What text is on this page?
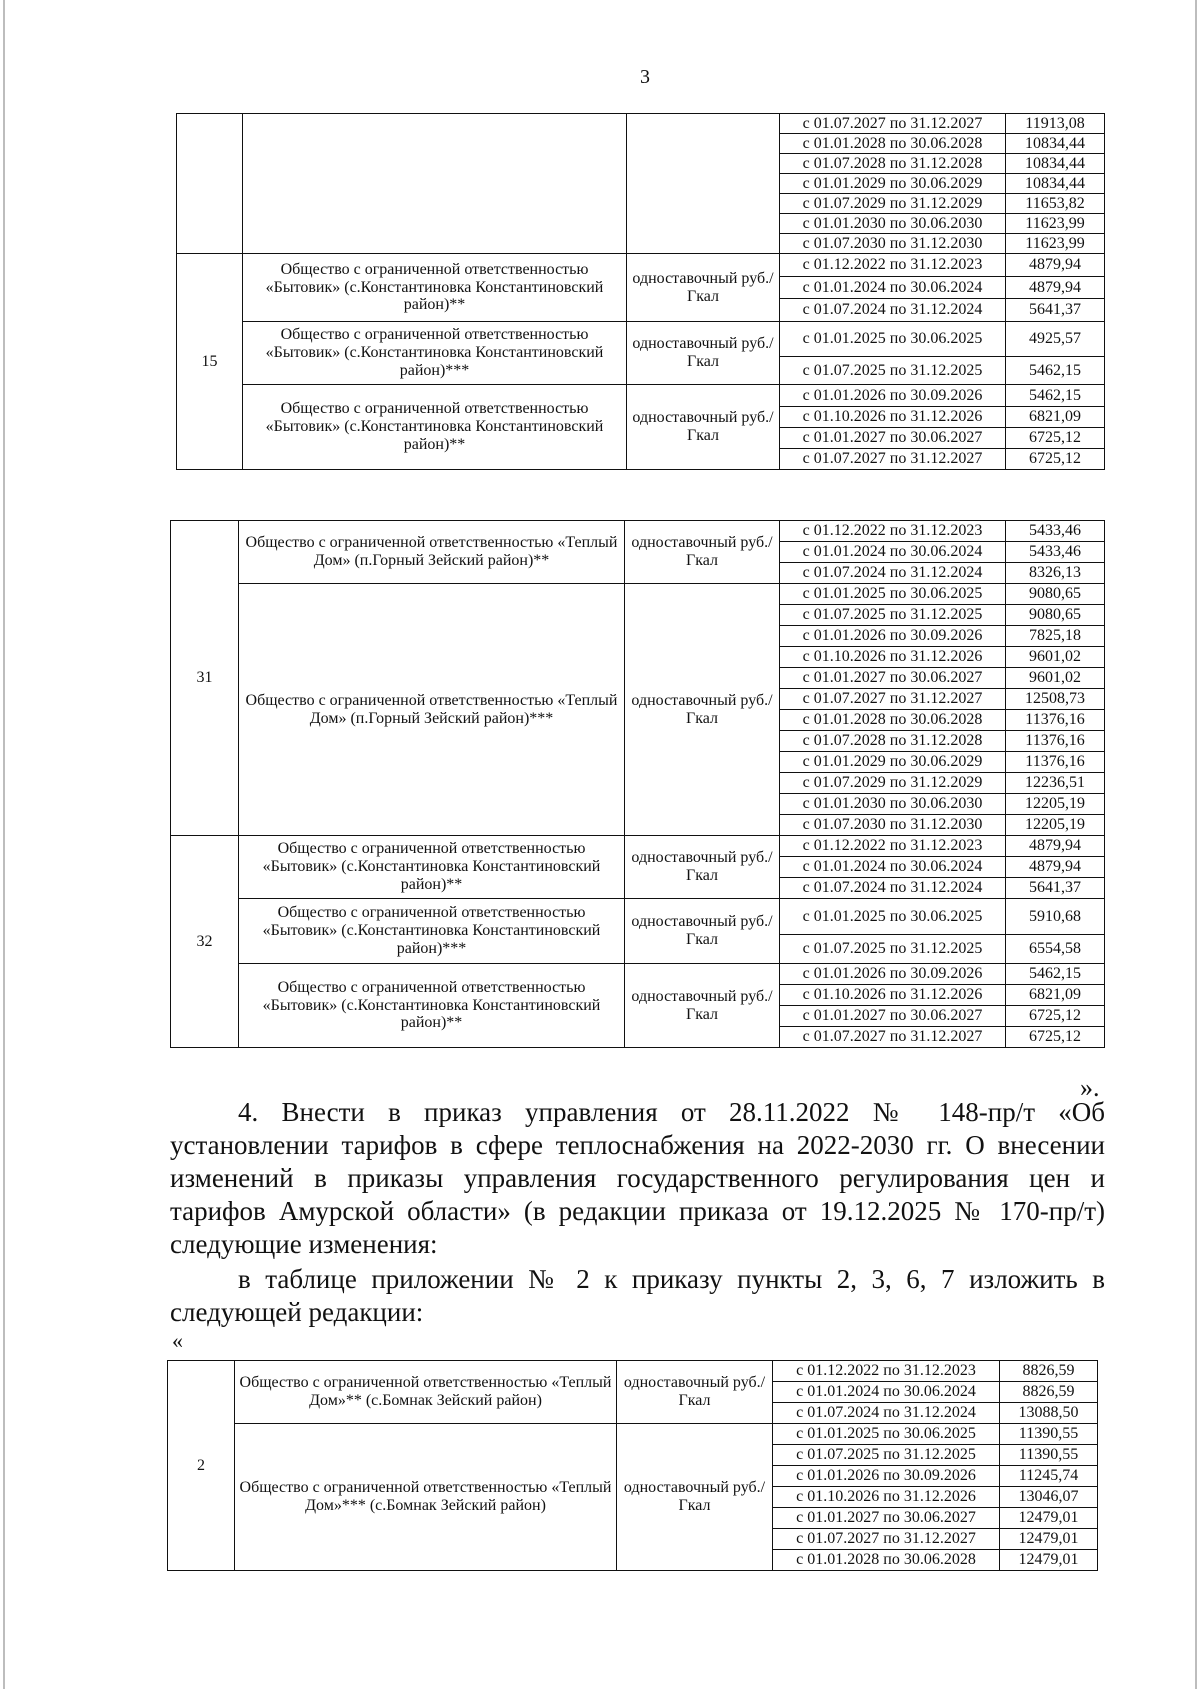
3
			с 01.07.2027 по 31.12.2027	11913,08
			с 01.01.2028 по 30.06.2028	10834,44
			с 01.07.2028 по 31.12.2028	10834,44
			с 01.01.2029 по 30.06.2029	10834,44
			с 01.07.2029 по 31.12.2029	11653,82
			с 01.01.2030 по 30.06.2030	11623,99
			с 01.07.2030 по 31.12.2030	11623,99
15	Общество с ограниченной ответственностью «Бытовик» (с.Константиновка Константиновский район)**	одноставочный руб./Гкал	с 01.12.2022 по 31.12.2023	4879,94
			с 01.01.2024 по 30.06.2024	4879,94
			с 01.07.2024 по 31.12.2024	5641,37
	Общество с ограниченной ответственностью «Бытовик» (с.Константиновка Константиновский район)***	одноставочный руб./Гкал	с 01.01.2025 по 30.06.2025	4925,57
			с 01.07.2025 по 31.12.2025	5462,15
	Общество с ограниченной ответственностью «Бытовик» (с.Константиновка Константиновский район)**	одноставочный руб./Гкал	с 01.01.2026 по 30.09.2026	5462,15
			с 01.10.2026 по 31.12.2026	6821,09
			с 01.01.2027 по 30.06.2027	6725,12
			с 01.07.2027 по 31.12.2027	6725,12
31	Общество с ограниченной ответственностью «Теплый Дом» (п.Горный Зейский район)**	одноставочный руб./Гкал	с 01.12.2022 по 31.12.2023	5433,46
			с 01.01.2024 по 30.06.2024	5433,46
			с 01.07.2024 по 31.12.2024	8326,13
	Общество с ограниченной ответственностью «Теплый Дом» (п.Горный Зейский район)***	одноставочный руб./Гкал	с 01.01.2025 по 30.06.2025	9080,65
			с 01.07.2025 по 31.12.2025	9080,65
			с 01.01.2026 по 30.09.2026	7825,18
			с 01.10.2026 по 31.12.2026	9601,02
			с 01.01.2027 по 30.06.2027	9601,02
			с 01.07.2027 по 31.12.2027	12508,73
			с 01.01.2028 по 30.06.2028	11376,16
			с 01.07.2028 по 31.12.2028	11376,16
			с 01.01.2029 по 30.06.2029	11376,16
			с 01.07.2029 по 31.12.2029	12236,51
			с 01.01.2030 по 30.06.2030	12205,19
			с 01.07.2030 по 31.12.2030	12205,19
32	Общество с ограниченной ответственностью «Бытовик» (с.Константиновка Константиновский район)**	одноставочный руб./Гкал	с 01.12.2022 по 31.12.2023	4879,94
			с 01.01.2024 по 30.06.2024	4879,94
			с 01.07.2024 по 31.12.2024	5641,37
	Общество с ограниченной ответственностью «Бытовик» (с.Константиновка Константиновский район)***	одноставочный руб./Гкал	с 01.01.2025 по 30.06.2025	5910,68
			с 01.07.2025 по 31.12.2025	6554,58
	Общество с ограниченной ответственностью «Бытовик» (с.Константиновка Константиновский район)**	одноставочный руб./Гкал	с 01.01.2026 по 30.09.2026	5462,15
			с 01.10.2026 по 31.12.2026	6821,09
			с 01.01.2027 по 30.06.2027	6725,12
			с 01.07.2027 по 31.12.2027	6725,12
».
4. Внести в приказ управления от 28.11.2022 № 148-пр/т «Об установлении тарифов в сфере теплоснабжения на 2022-2030 гг. О внесении изменений в приказы управления государственного регулирования цен и тарифов Амурской области» (в редакции приказа от 19.12.2025 № 170-пр/т) следующие изменения:
в таблице приложении № 2 к приказу пункты 2, 3, 6, 7 изложить в следующей редакции:
«
2	Общество с ограниченной ответственностью «Теплый Дом»** (с.Бомнак Зейский район)	одноставочный руб./Гкал	с 01.12.2022 по 31.12.2023	8826,59
			с 01.01.2024 по 30.06.2024	8826,59
			с 01.07.2024 по 31.12.2024	13088,50
	Общество с ограниченной ответственностью «Теплый Дом»*** (с.Бомнак Зейский район)	одноставочный руб./Гкал	с 01.01.2025 по 30.06.2025	11390,55
			с 01.07.2025 по 31.12.2025	11390,55
			с 01.01.2026 по 30.09.2026	11245,74
			с 01.10.2026 по 31.12.2026	13046,07
			с 01.01.2027 по 30.06.2027	12479,01
			с 01.07.2027 по 31.12.2027	12479,01
			с 01.01.2028 по 30.06.2028	12479,01
